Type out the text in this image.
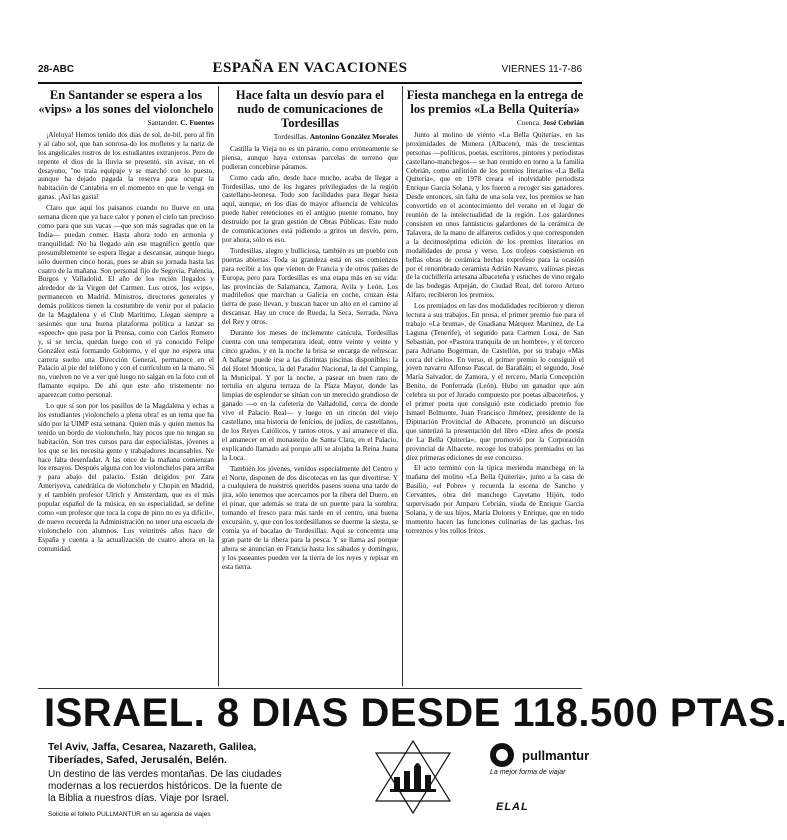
28-ABC	ESPAÑA EN VACACIONES	VIERNES 11-7-86
En Santander se espera a los «vips» a los sones del violonchelo
Santander. C. Fuentes

¡Aleluya! Hemos tenido dos días de sol, de-bil, pero al fin y al cabo sol, que han sonrosa-do los mofletes y la nariz de los angelicales rostros de los estudiantes extranjeros. Pero de repente el dios de la lluvia se presentó, sin avisar, en el desayuno, "no traía equipaje y se marchó con lo puesto, aunque ha dejado pagada la reserva para ocupar la habitación de Cantabria en el momento en que le venga en ganas. ¡Así las gasta!

Claro que aquí los paisanos cuando no llueve en una semana dicen que ya hace calor y ponen el cielo tan precioso como para que sus vacas —que son más sagradas que en la India— puedan comer. Hasta ahora todo en armonía y tranquilidad. No ha llegado aún ese magnífico gentío que presumiblemente se espera llegar a descansar, aunque luego sólo duermen cinco horas, pues se aban su jornada hasta las cuatro de la mañana. Son personal fijo de Segovia, Palencia, Burgos y Valladolid. El año de los recién llegados y alrededor de la Virgen del Carmen. Los otros, los «vips», permanecen en Madrid. Ministros, directores generales y demás políticos tienen la costumbre de venir por el palacio de la Magdalena y el Club Marítimo. Llegan siempre a sesiones que una buena plataforma política a lanzar su «speech» que pasa por la Prensa, como con Carlos Romero y, si se tercia, quedan luego con el ya conocido Felipe González está formando Gobierno, y el que no espera una carrera suelto una Dirección General, permanece en el Palacio al pie del teléfono y con el currículum en la mano. Si no, vuelven no ve a ver qué luego no salgan en la foto con el flamante equipo. De ahí que este año tristemente no aparezcan como personal.

Lo que sí son por los pasillos de la Magdalena y echas a los estudiantes ¡violonchelo a plena obra! es un tema que ha sido por la UIMP esta semana. Quien más y quien menos ha tenido un bordo de violonchelo, hay pocos que no tengan su habitación. Son tres cursos para dar especialistas, jóvenes a los que se les necesita gente y trabajadores incansables. Ne hace falta desenfadar. A las once de la mañana comienzan los ensayos. Después alguna con los violonchelos para arriba y para abajo del palacio. Están dirigidos por Zara Ameriyeva, catedrática de violonchelo y Chopin en Madrid, y el también profesor Ulrich y Amsterdam, que es el más popular español de la música, en su especialidad, se define como «un profesor que toca la copa de pino no es ya difícil», de nuevo recuerda la Administración no tener una escuela de violonchelo con alumnos. Los veintitrés años hace de España y cuenta a la actualización de cuatro ahora en la comunidad.

Hace falta un desvío para el nudo de comunicaciones de Tordesillas
Tordesillas. Antonino González Morales

Castilla la Vieja no es un páramo, como erróneamente se piensa, aunque haya extensas parcelas de terreno que pudieran concebirse páramos.

Como cada año, desde hace mucho, acaba de llegar a Tordesillas, uno de los lugares privilegiados de la región castellano-leonesa. Todo son facilidades para llegar hasta aquí, aunque, en los días de mayor afluencia de vehículos puede haber retenciones en el antiguo puente romano, hoy destruido por la gran gestión de Obras Públicas. Este nudo de comunicaciones está pidiendo a gritos un desvío, pero, por ahora, sólo es eso.

Tordesillas, alegre y bulliciosa, también es un pueblo con puertas abiertas. Toda su grandeza está en sus comienzos para recibir a los que vienen de Francia y de otros países de Europa, pero para Tordesillas es una etapa más en su vida: las provincias de Salamanca, Zamora, Avila y León. Los madrileños que marchan a Galicia en coche, cruzan ésta tierra de paso llevan, y buscan hacer un alto en el camino al descansar. Hay un cruce de Rueda, la Seca, Serrada, Nava del Rey y otros.

Durante los meses de inclemente canícula, Tordesillas cuenta con una temperatura ideal, entre veinte y veinte y cinco grados, y en la noche la brisa se encarga de refrescar. A bañarse puede irse a las distintas piscinas disponibles: la del Hotel Montico, la del Parador Nacional, la del Camping, la Municipal. Y por la noche, a pasear un buen rato de tertulia en alguna terraza de la Plaza Mayor, donde las limpias de esplendor se sitúan con un merecido grandioso de ganado —o en la cafetería de Valladolid, cerca de donde vive el Palacio Real— y luego en un rincón del viejo castellano, una historia de fenicios, de judíos, de castellanos, de los Reyes Católicos, y tantos otros, y así amanece el día, el amanecer en el monasterio de Santa Clara, en el Palacio, explicando llamado así porque allí se alojaba la Reina Juana la Loca.

También los jóvenes, venidos especialmente del Centro y el Norte, disponen de dos discotecas en las que divertirse. Y a cualquiera de nuestros queridos paseos suena una tarde de jira, sólo tenemos que acercarnos por la ribera del Duero, en el pinar, que además se trata de un puente para la sombra, tomando el fresco para más tarde en el centro, una buena excursión, y, que con los tordesillanos se duerme la siesta, se comía ya el bacalao de Tordesillas. Aquí se concentra una gran parte de la ribera para la pesca. Y se llama así porque ahora se anuncian en Francia hasta los sábados y domingos, y los paseantes pueden ver la tierra de los reyes y repisar en esta tierra.

Fiesta manchega en la entrega de los premios «La Bella Quitería»
Cuenca. José Cebrián

Junto al molino de viento «La Bella Quitería», en las proximidades de Munera (Albacete), más de trescientas personas —políticos, poetas, escritores, pintores y periodistas castellano-manchegos— se han reunido en torno a la familia Cebrián, como anfitrión de los premios literarios «La Bella Quitería», que en 1978 creara el inolvidable periodista Enrique García Solana, y los fueron a recoger sus ganadores. Desde entonces, sin falta de una sola vez, los premios se han convertido en el acontecimiento del verano en el lugar de reunión de la intelectualidad de la región. Los galardones consisten en unos fantásticos galardones de la cerámica de Talavera, de la mano de alfareros cedidos y que corresponden a la decimoséptima edición de los premios literarios en modalidades de prosa y verso. Los trofeos consistieron en bellas obras de cerámica hechas exprofeso para la ocasión por el renombrado ceramista Adrián Navarro, valiosas piezas de la cuchillería artesana albaceteña y estuches de vino regalo de las bodegas Arpeján, de Ciudad Real, del torero Arturo Alfaro, recibieron los premios.

Los premiados en las dos modalidades recibieron y dieron lectura a sus trabajos. En prosa, el primer premio fue para el trabajo «La bruma», de Guadiana Márquez Martínez, de La Laguna (Tenerife), el segundo para Carmen Losa, de San Sebastián, por «Pastora tranquila de un hombre», y el tercero para Adriano Bogerman, de Castellón, por su trabajo «Más cerca del cielo». En verso, el primer premio lo consiguió el joven navarro Alfonso Pascal, de Barañáin; el segundo, José María Salvador, de Zamora, y el tercero, María Concepción Benito, de Ponferrada (León). Hubo un ganador que aún celebra su por el Jurado compuesto por poetas albaceteños, y el primer poeta que consiguió este codiciado premio fue Ismael Belmonte, Juan Francisco Jiménez, presidente de la Diputación Provincial de Albacete, pronunció un discurso que sintetizó la presentación del libro «Diez años de poesía de La Bella Quitería», que promovió por la Corporación provincial de Albacete, recoge los trabajos premiados en las diez primeras ediciones de ese concurso.

El acto terminó con la típica merienda manchega en la mañana del molino «La Bella Quitería», junto a la casa de Basilio, «el Pobre» y recuerda la escena de Sancho y Cervantes, obra del manchego Cayetano Hijón, todo supervisado por Amparo Cebrián, viuda de Enrique García Solana, y de sus hijos, María Dolores y Enrique, que en todo momento hacen las funciones culinarias de las gachas, los torreznos y los rollos fritos.

ISRAEL. 8 DIAS DESDE 118.500 PTAS.
Tel Aviv, Jaffa, Cesarea, Nazareth, Galilea, Tiberíades, Safed, Jerusalén, Belén.
Un destino de las verdes montañas. De las ciudades modernas a los recuerdos históricos. De la fuente de la Biblia a nuestros días. Viaje por Israel.
Solicite el folleto PULLMANTUR en su agencia de viajes
pullmantur
La mejor forma de viajar
ELAL
